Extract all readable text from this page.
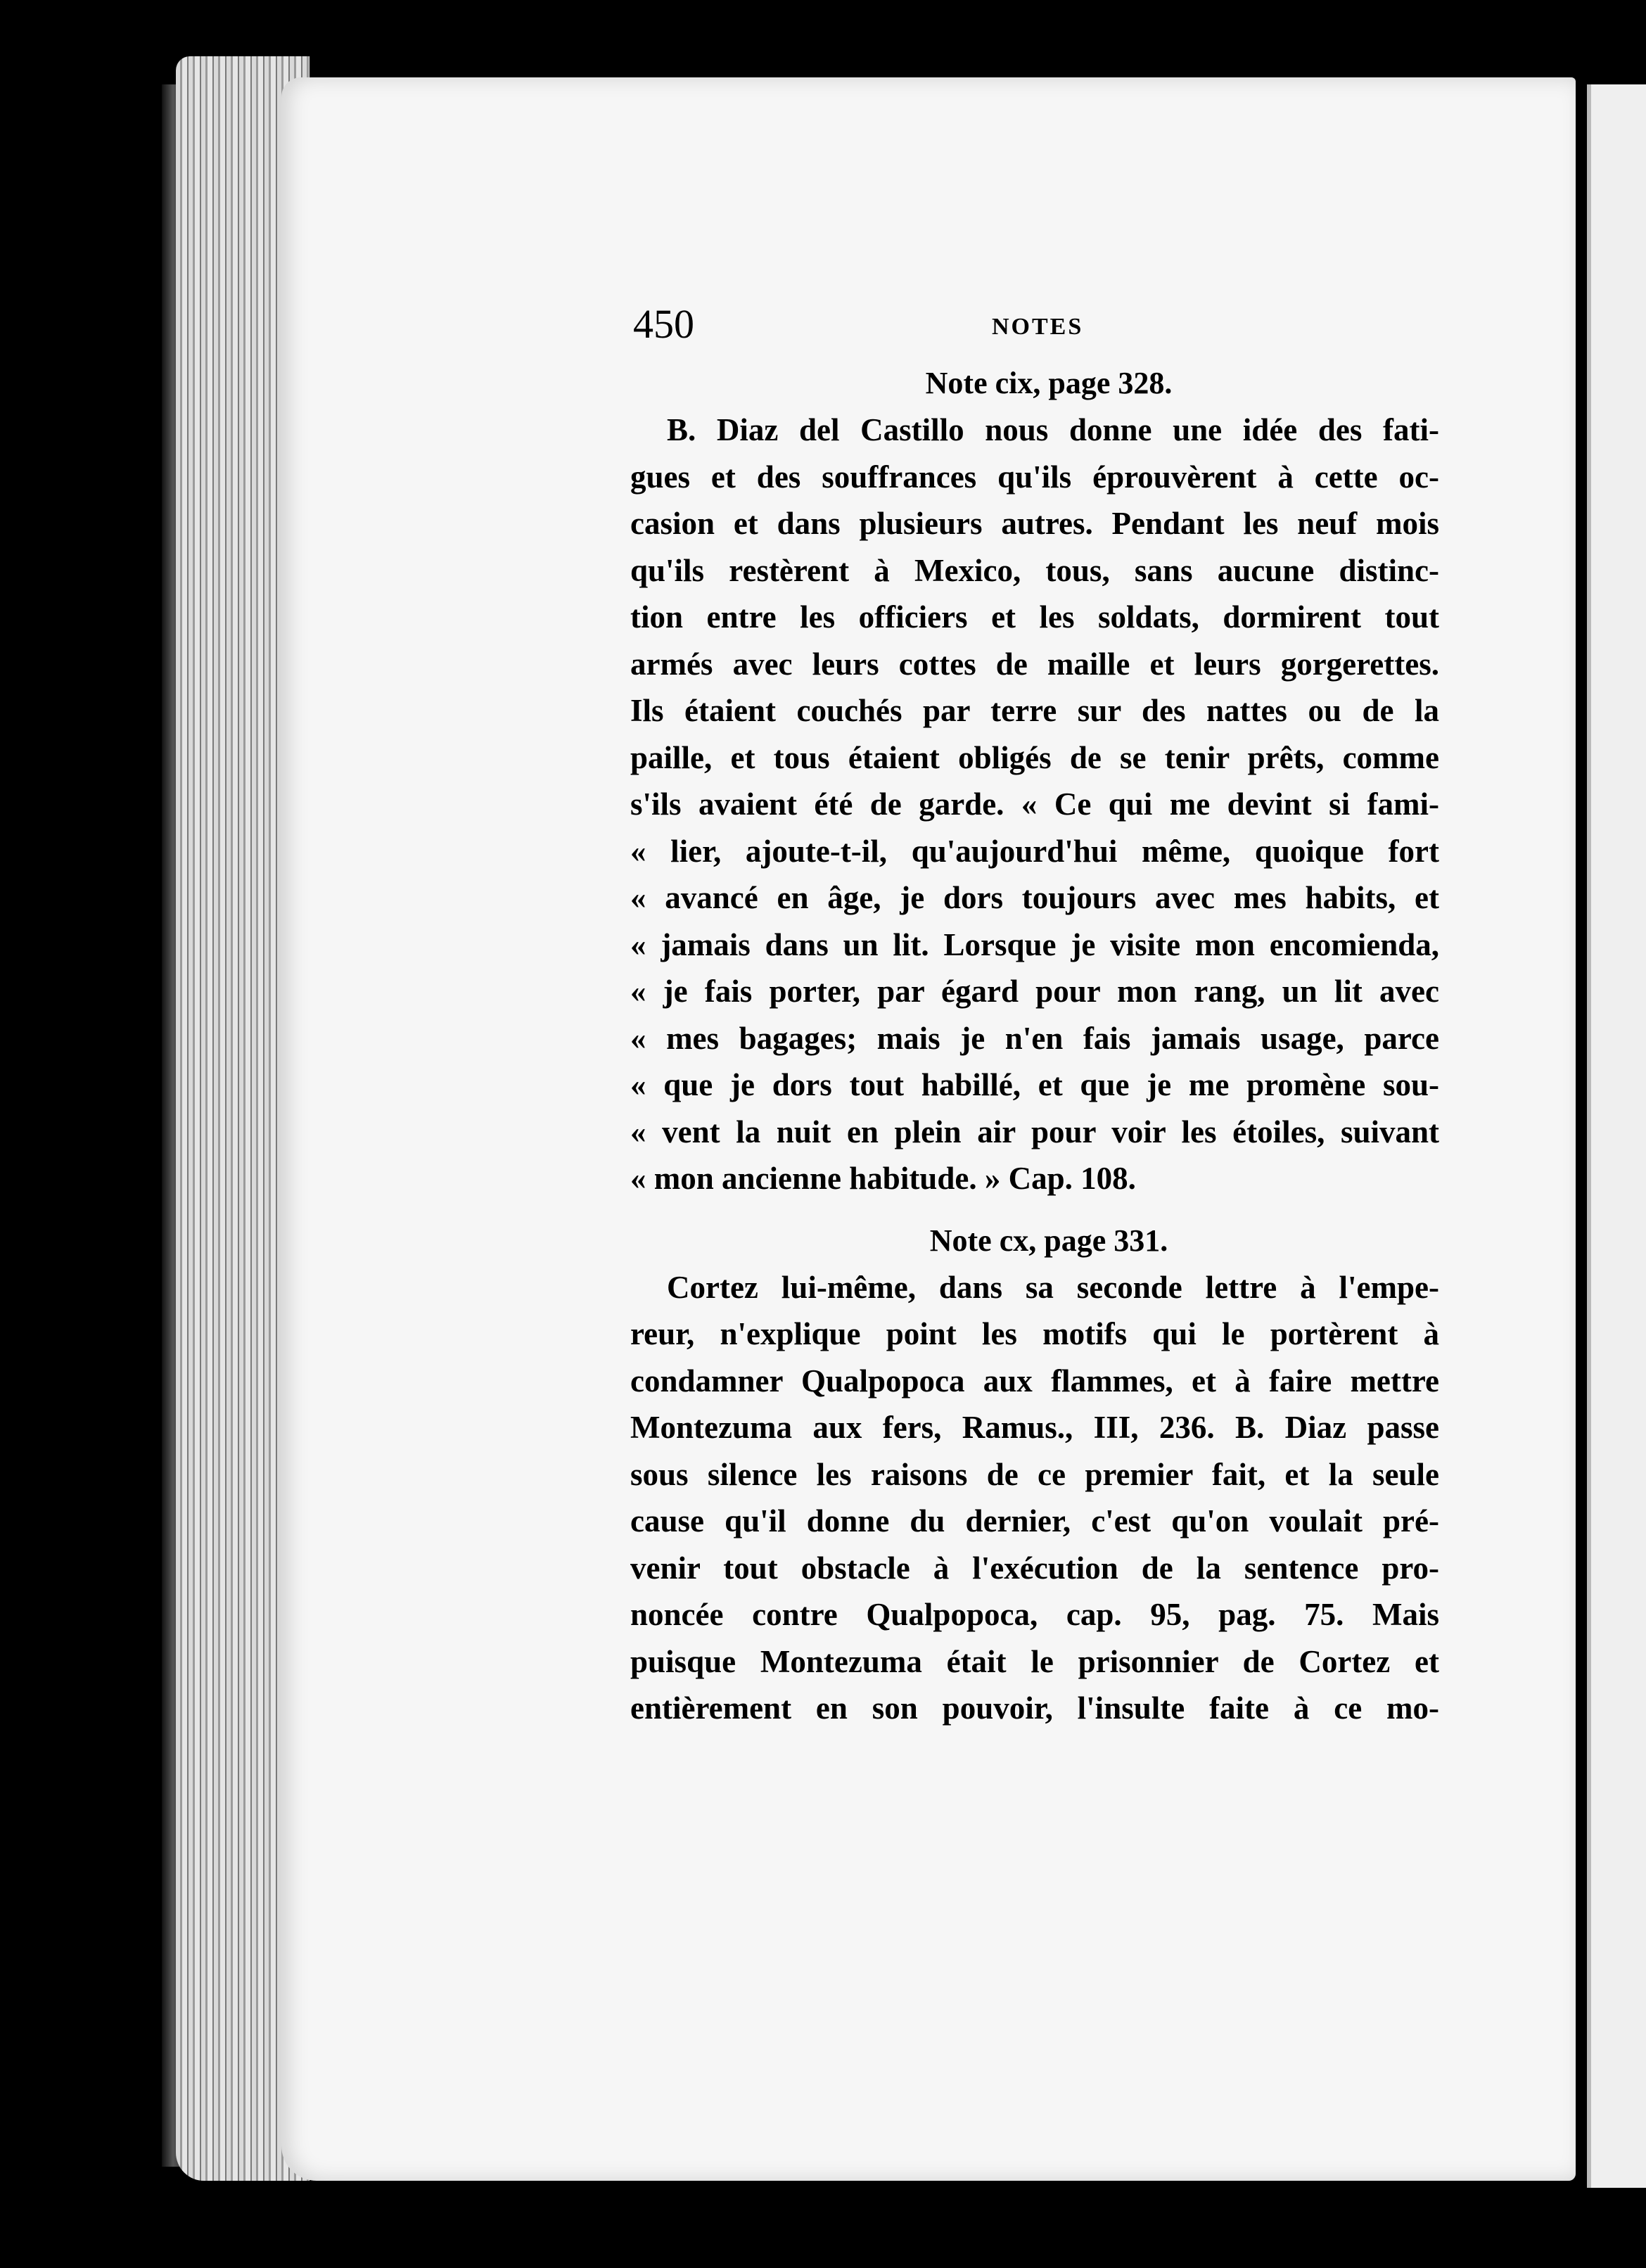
450	NOTES

Note cix, page 328.

B. Diaz del Castillo nous donne une idée des fati-
gues et des souffrances qu'ils éprouvèrent à cette oc-
casion et dans plusieurs autres. Pendant les neuf mois
qu'ils restèrent à Mexico, tous, sans aucune distinc-
tion entre les officiers et les soldats, dormirent tout
armés avec leurs cottes de maille et leurs gorgerettes.
Ils étaient couchés par terre sur des nattes ou de la
paille, et tous étaient obligés de se tenir prêts, comme
s'ils avaient été de garde. « Ce qui me devint si fami-
« lier, ajoute-t-il, qu'aujourd'hui même, quoique fort
« avancé en âge, je dors toujours avec mes habits, et
« jamais dans un lit. Lorsque je visite mon encomienda,
« je fais porter, par égard pour mon rang, un lit avec
« mes bagages; mais je n'en fais jamais usage, parce
« que je dors tout habillé, et que je me promène sou-
« vent la nuit en plein air pour voir les étoiles, suivant
« mon ancienne habitude. » Cap. 108.

Note cx, page 331.

Cortez lui-même, dans sa seconde lettre à l'empe-
reur, n'explique point les motifs qui le portèrent à
condamner Qualpopoca aux flammes, et à faire mettre
Montezuma aux fers, Ramus., III, 236. B. Diaz passe
sous silence les raisons de ce premier fait, et la seule
cause qu'il donne du dernier, c'est qu'on voulait pré-
venir tout obstacle à l'exécution de la sentence pro-
noncée contre Qualpopoca, cap. 95, pag. 75. Mais
puisque Montezuma était le prisonnier de Cortez et
entièrement en son pouvoir, l'insulte faite à ce mo-
